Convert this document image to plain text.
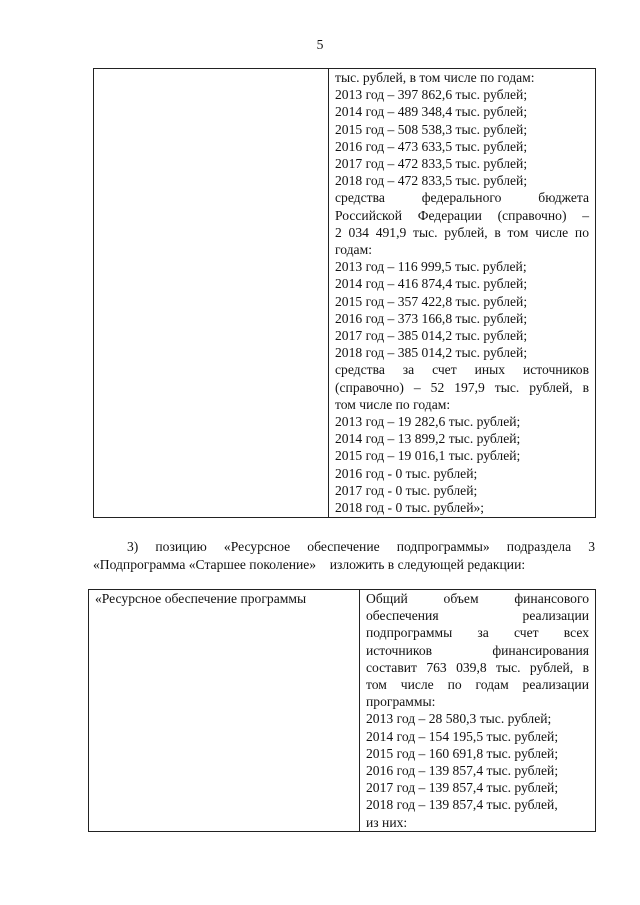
5

тыс. рублей, в том числе по годам:
2013 год – 397 862,6 тыс. рублей;
2014 год – 489 348,4 тыс. рублей;
2015 год – 508 538,3 тыс. рублей;
2016 год – 473 633,5 тыс. рублей;
2017 год – 472 833,5 тыс. рублей;
2018 год – 472 833,5 тыс. рублей;
средства федерального бюджета
Российской Федерации (справочно) –
2 034 491,9 тыс. рублей, в том числе по
годам:
2013 год – 116 999,5 тыс. рублей;
2014 год – 416 874,4 тыс. рублей;
2015 год – 357 422,8 тыс. рублей;
2016 год – 373 166,8 тыс. рублей;
2017 год – 385 014,2 тыс. рублей;
2018 год – 385 014,2 тыс. рублей;
средства за счет иных источников
(справочно) – 52 197,9 тыс. рублей, в
том числе по годам:
2013 год – 19 282,6 тыс. рублей;
2014 год – 13 899,2 тыс. рублей;
2015 год – 19 016,1 тыс. рублей;
2016 год - 0 тыс. рублей;
2017 год - 0 тыс. рублей;
2018 год - 0 тыс. рублей»;
3) позицию «Ресурсное обеспечение подпрограммы» подраздела 3
«Подпрограмма «Старшее поколение»    изложить в следующей редакции:
«Ресурсное обеспечение программы	Общий объем финансового
обеспечения реализации
подпрограммы за счет всех
источников финансирования
составит 763 039,8 тыс. рублей, в
том числе по годам реализации
программы:
2013 год – 28 580,3 тыс. рублей;
2014 год – 154 195,5 тыс. рублей;
2015 год – 160 691,8 тыс. рублей;
2016 год – 139 857,4 тыс. рублей;
2017 год – 139 857,4 тыс. рублей;
2018 год – 139 857,4 тыс. рублей,
из них:
